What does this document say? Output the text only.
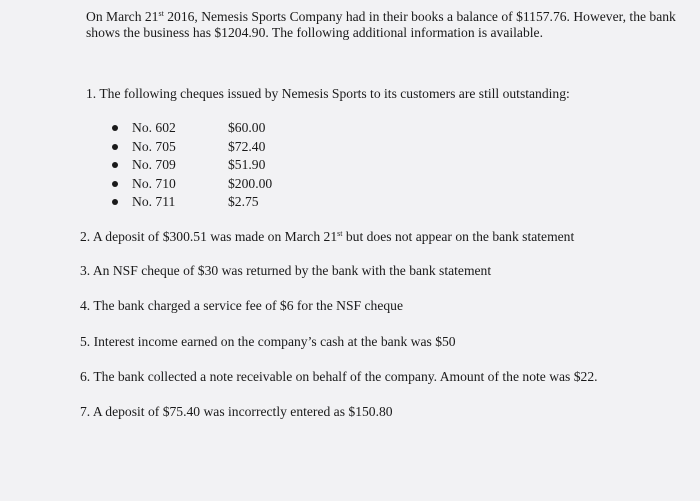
On March 21st 2016, Nemesis Sports Company had in their books a balance of $1157.76. However, the bank shows the business has $1204.90. The following additional information is available.
1. The following cheques issued by Nemesis Sports to its customers are still outstanding:
No. 602	$60.00
No. 705	$72.40
No. 709	$51.90
No. 710	$200.00
No. 711	$2.75
2. A deposit of $300.51 was made on March 21st but does not appear on the bank statement
3. An NSF cheque of $30 was returned by the bank with the bank statement
4. The bank charged a service fee of $6 for the NSF cheque
5. Interest income earned on the company’s cash at the bank was $50
6. The bank collected a note receivable on behalf of the company. Amount of the note was $22.
7. A deposit of $75.40 was incorrectly entered as $150.80
